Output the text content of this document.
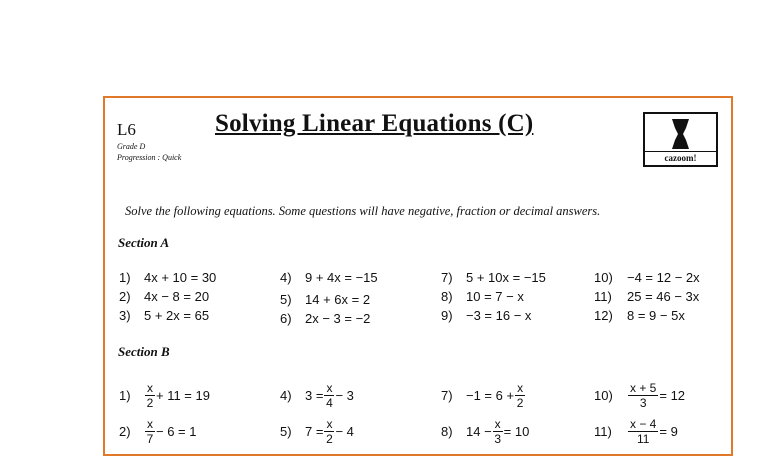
L6
Grade D
Progression : Quick
Solving Linear Equations (C)
cazoom!
Solve the following equations. Some questions will have negative, fraction or decimal answers.
Section A
1)	4x + 10 = 30
2)	4x − 8 = 20
3)	5 + 2x = 65
4)	9 + 4x = −15
5)	14 + 6x = 2
6)	2x − 3 = −2
7)	5 + 10x = −15
8)	10 = 7 − x
9)	−3 = 16 − x
10)	−4 = 12 − 2x
11)	25 = 46 − 3x
12)	8 = 9 − 5x
Section B
1)	$\frac{x}{2} + 11 = 19$	4)	$3 = \frac{x}{4} - 3$	7)	$-1 = 6 + \frac{x}{2}$	10)	$\frac{x + 5}{3} = 12$
2)	$\frac{x}{7} - 6 = 1$	5)	$7 = \frac{x}{2} - 4$	8)	$14 - \frac{x}{3} = 10$	11)	$\frac{x - 4}{11} = 9$
